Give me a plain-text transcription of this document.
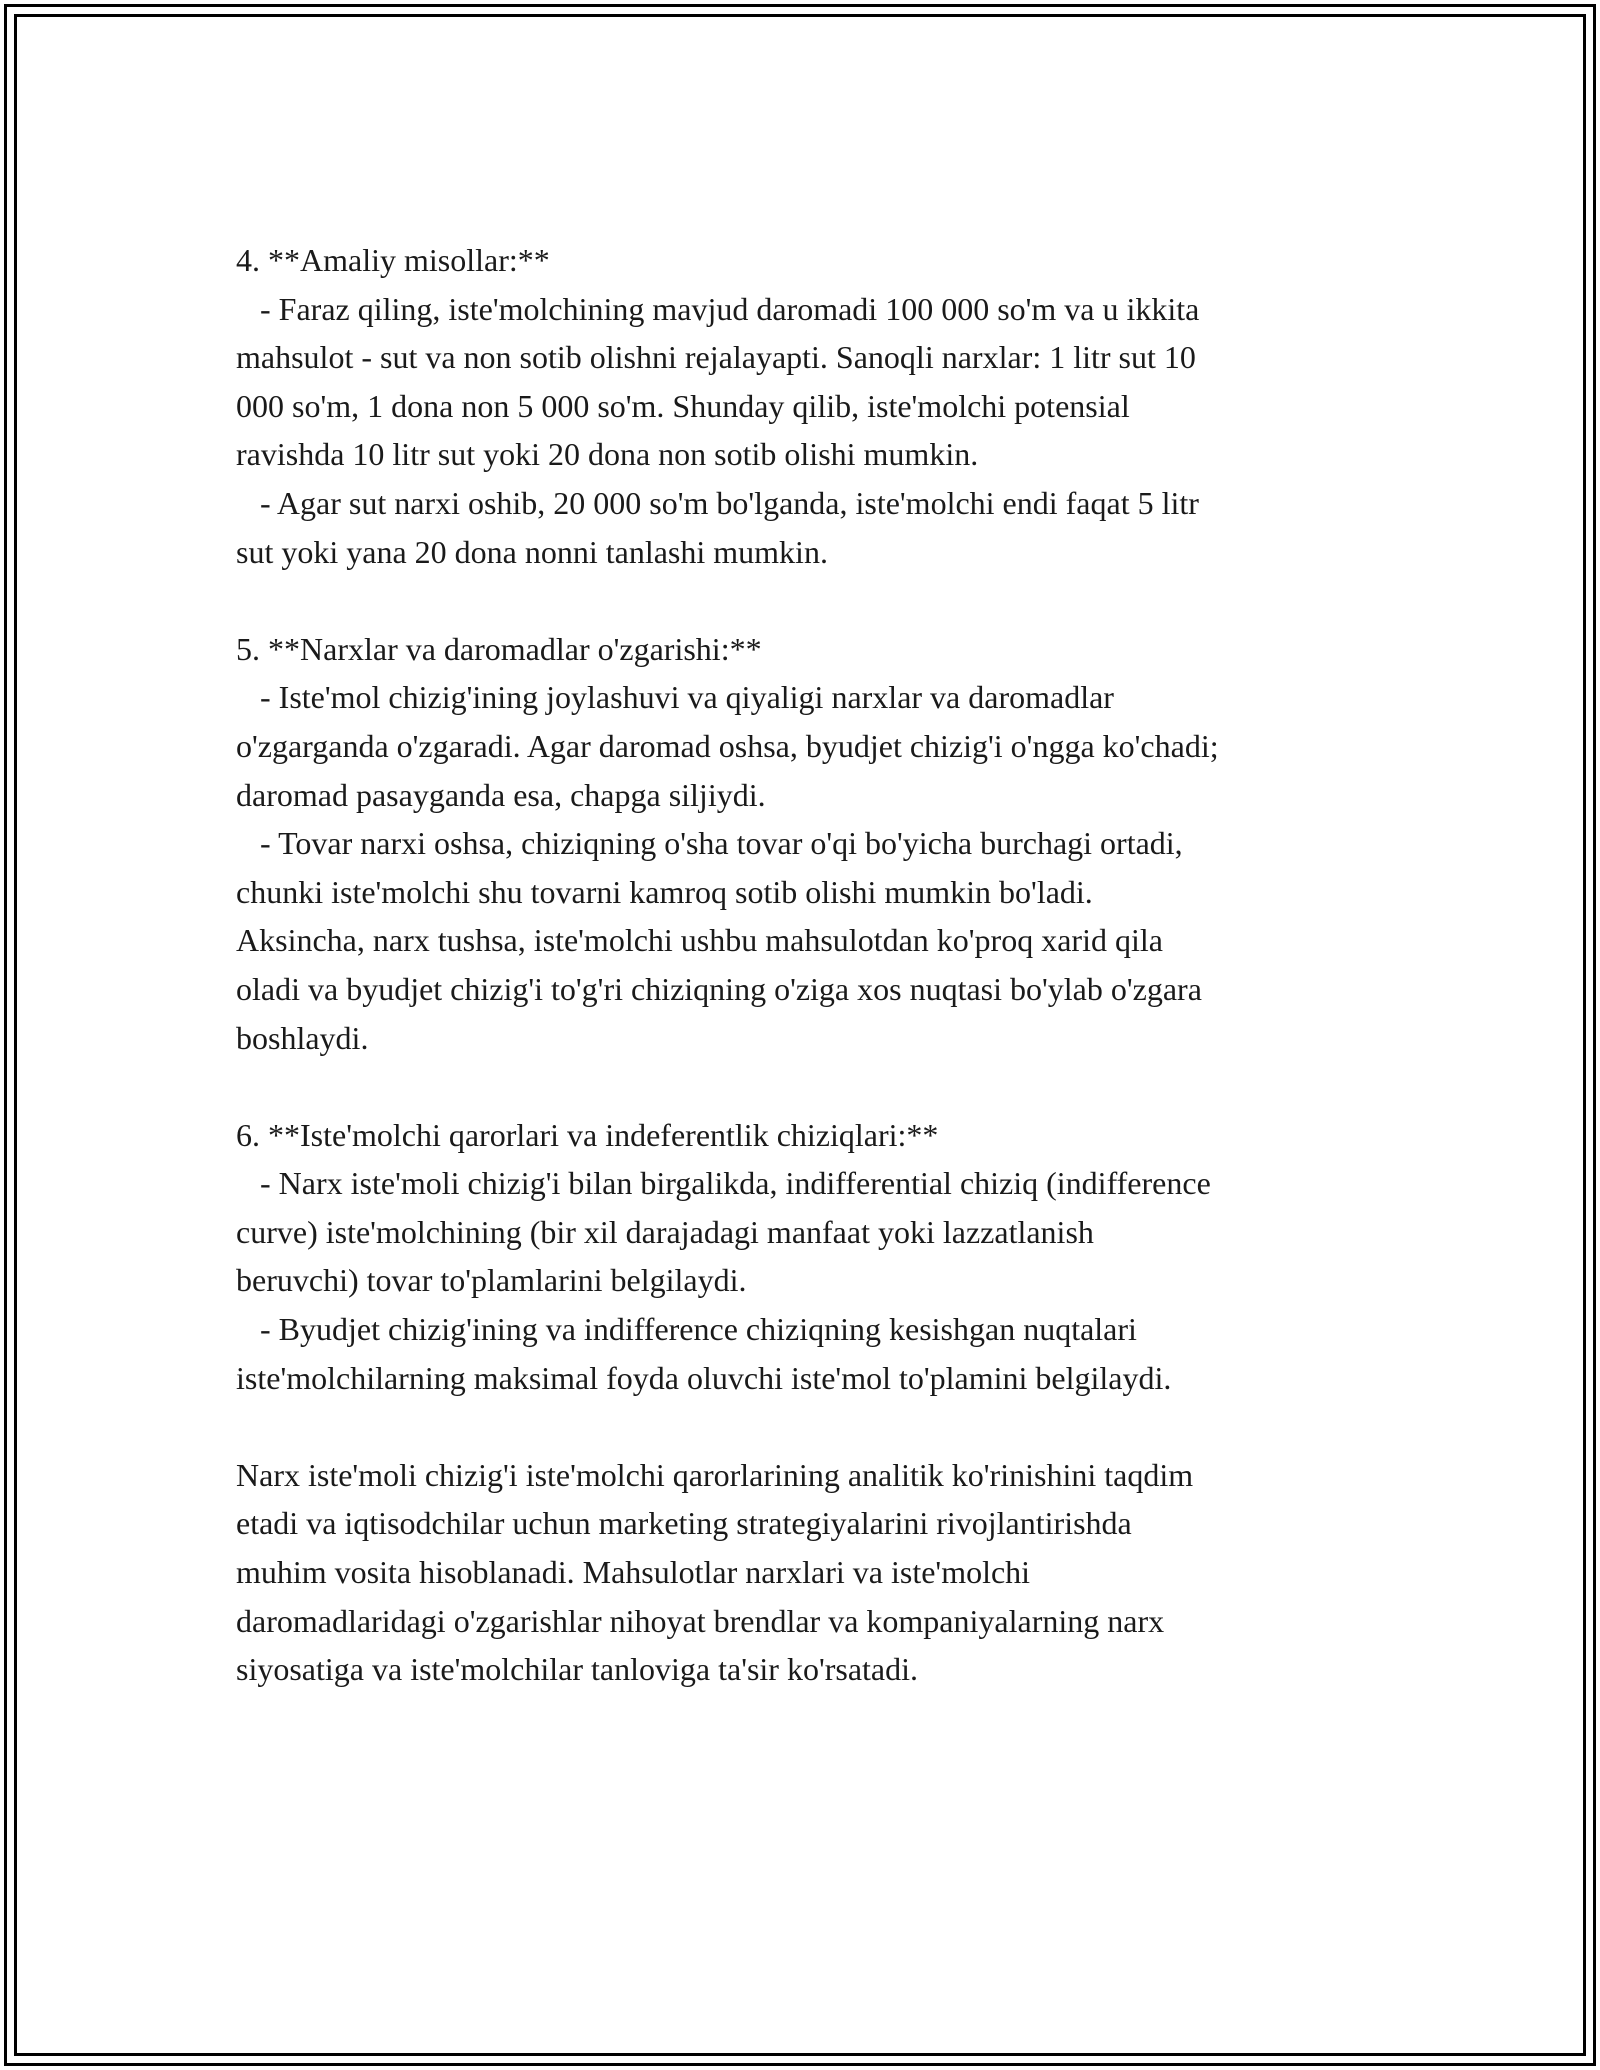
4. **Amaliy misollar:**
- Faraz qiling, iste'molchining mavjud daromadi 100 000 so'm va u ikkita
mahsulot - sut va non sotib olishni rejalayapti. Sanoqli narxlar: 1 litr sut 10
000 so'm, 1 dona non 5 000 so'm. Shunday qilib, iste'molchi potensial
ravishda 10 litr sut yoki 20 dona non sotib olishi mumkin.
- Agar sut narxi oshib, 20 000 so'm bo'lganda, iste'molchi endi faqat 5 litr
sut yoki yana 20 dona nonni tanlashi mumkin.
5. **Narxlar va daromadlar o'zgarishi:**
- Iste'mol chizig'ining joylashuvi va qiyaligi narxlar va daromadlar
o'zgarganda o'zgaradi. Agar daromad oshsa, byudjet chizig'i o'ngga ko'chadi;
daromad pasayganda esa, chapga siljiydi.
- Tovar narxi oshsa, chiziqning o'sha tovar o'qi bo'yicha burchagi ortadi,
chunki iste'molchi shu tovarni kamroq sotib olishi mumkin bo'ladi.
Aksincha, narx tushsa, iste'molchi ushbu mahsulotdan ko'proq xarid qila
oladi va byudjet chizig'i to'g'ri chiziqning o'ziga xos nuqtasi bo'ylab o'zgara
boshlaydi.
6. **Iste'molchi qarorlari va indeferentlik chiziqlari:**
- Narx iste'moli chizig'i bilan birgalikda, indifferential chiziq (indifference
curve) iste'molchining (bir xil darajadagi manfaat yoki lazzatlanish
beruvchi) tovar to'plamlarini belgilaydi.
- Byudjet chizig'ining va indifference chiziqning kesishgan nuqtalari
iste'molchilarning maksimal foyda oluvchi iste'mol to'plamini belgilaydi.
Narx iste'moli chizig'i iste'molchi qarorlarining analitik ko'rinishini taqdim
etadi va iqtisodchilar uchun marketing strategiyalarini rivojlantirishda
muhim vosita hisoblanadi. Mahsulotlar narxlari va iste'molchi
daromadlaridagi o'zgarishlar nihoyat brendlar va kompaniyalarning narx
siyosatiga va iste'molchilar tanloviga ta'sir ko'rsatadi.
